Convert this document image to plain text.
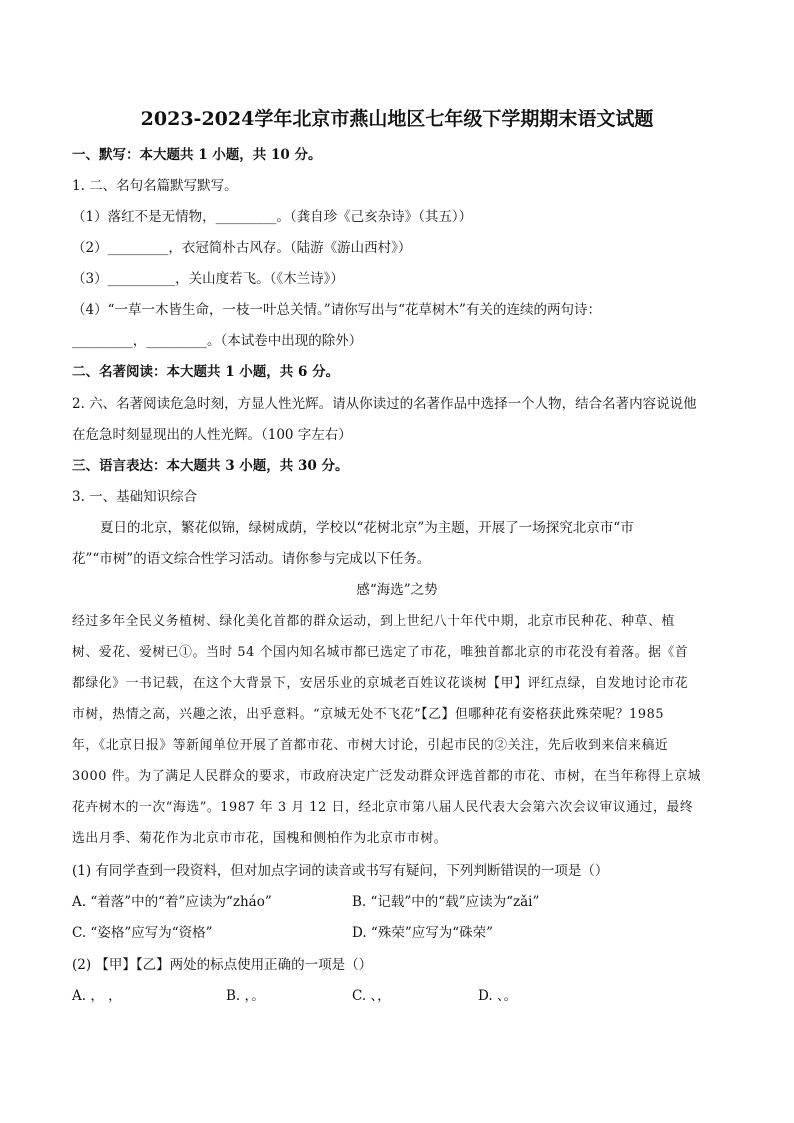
2023-2024学年北京市燕山地区七年级下学期期末语文试题
一、默写：本大题共 1 小题，共 10 分。
1. 二、名句名篇默写默写。
（1）落红不是无情物，_________。（龚自珍《己亥杂诗》（其五））
（2）_________，衣冠简朴古风存。（陆游《游山西村》）
（3）__________，关山度若飞。（《木兰诗》）
（4）“一草一木皆生命，一枝一叶总关情。”请你写出与“花草树木”有关的连续的两句诗：
_________，_________。（本试卷中出现的除外）
二、名著阅读：本大题共 1 小题，共 6 分。
2. 六、名著阅读危急时刻，方显人性光辉。请从你读过的名著作品中选择一个人物，结合名著内容说说他
在危急时刻显现出的人性光辉。（100 字左右）
三、语言表达：本大题共 3 小题，共 30 分。
3. 一、基础知识综合
夏日的北京，繁花似锦，绿树成荫，学校以“花树北京”为主题，开展了一场探究北京市“市
花”“市树”的语文综合性学习活动。请你参与完成以下任务。
感“海选”之势
经过多年全民义务植树、绿化美化首都的群众运动，到上世纪八十年代中期，北京市民种花、种草、植
树、爱花、爱树已①。当时 54 个国内知名城市都已选定了市花，唯独首都北京的市花没有着落。据《首
都绿化》一书记载，在这个大背景下，安居乐业的京城老百姓议花谈树【甲】评红点绿，自发地讨论市花
市树，热情之高，兴趣之浓，出乎意料。“京城无处不飞花”【乙】但哪种花有姿格获此殊荣呢？1985
年，《北京日报》等新闻单位开展了首都市花、市树大讨论，引起市民的②关注，先后收到来信来稿近
3000 件。为了满足人民群众的要求，市政府决定广泛发动群众评选首都的市花、市树，在当年称得上京城
花卉树木的一次“海选”。1987 年 3 月 12 日，经北京市第八届人民代表大会第六次会议审议通过，最终
选出月季、菊花作为北京市市花，国槐和侧柏作为北京市市树。
(1) 有同学查到一段资料，但对加点字词的读音或书写有疑问，下列判断错误的一项是（）
A. “着落”中的“着”应读为“zháo”	B. “记载”中的“载”应读为“zǎi”
C. “姿格”应写为“资格”	D. “殊荣”应写为“硃荣”
(2) 【甲】【乙】两处的标点使用正确的一项是（）
A. ， ，	B. ，。	C. 、，	D. 、。
